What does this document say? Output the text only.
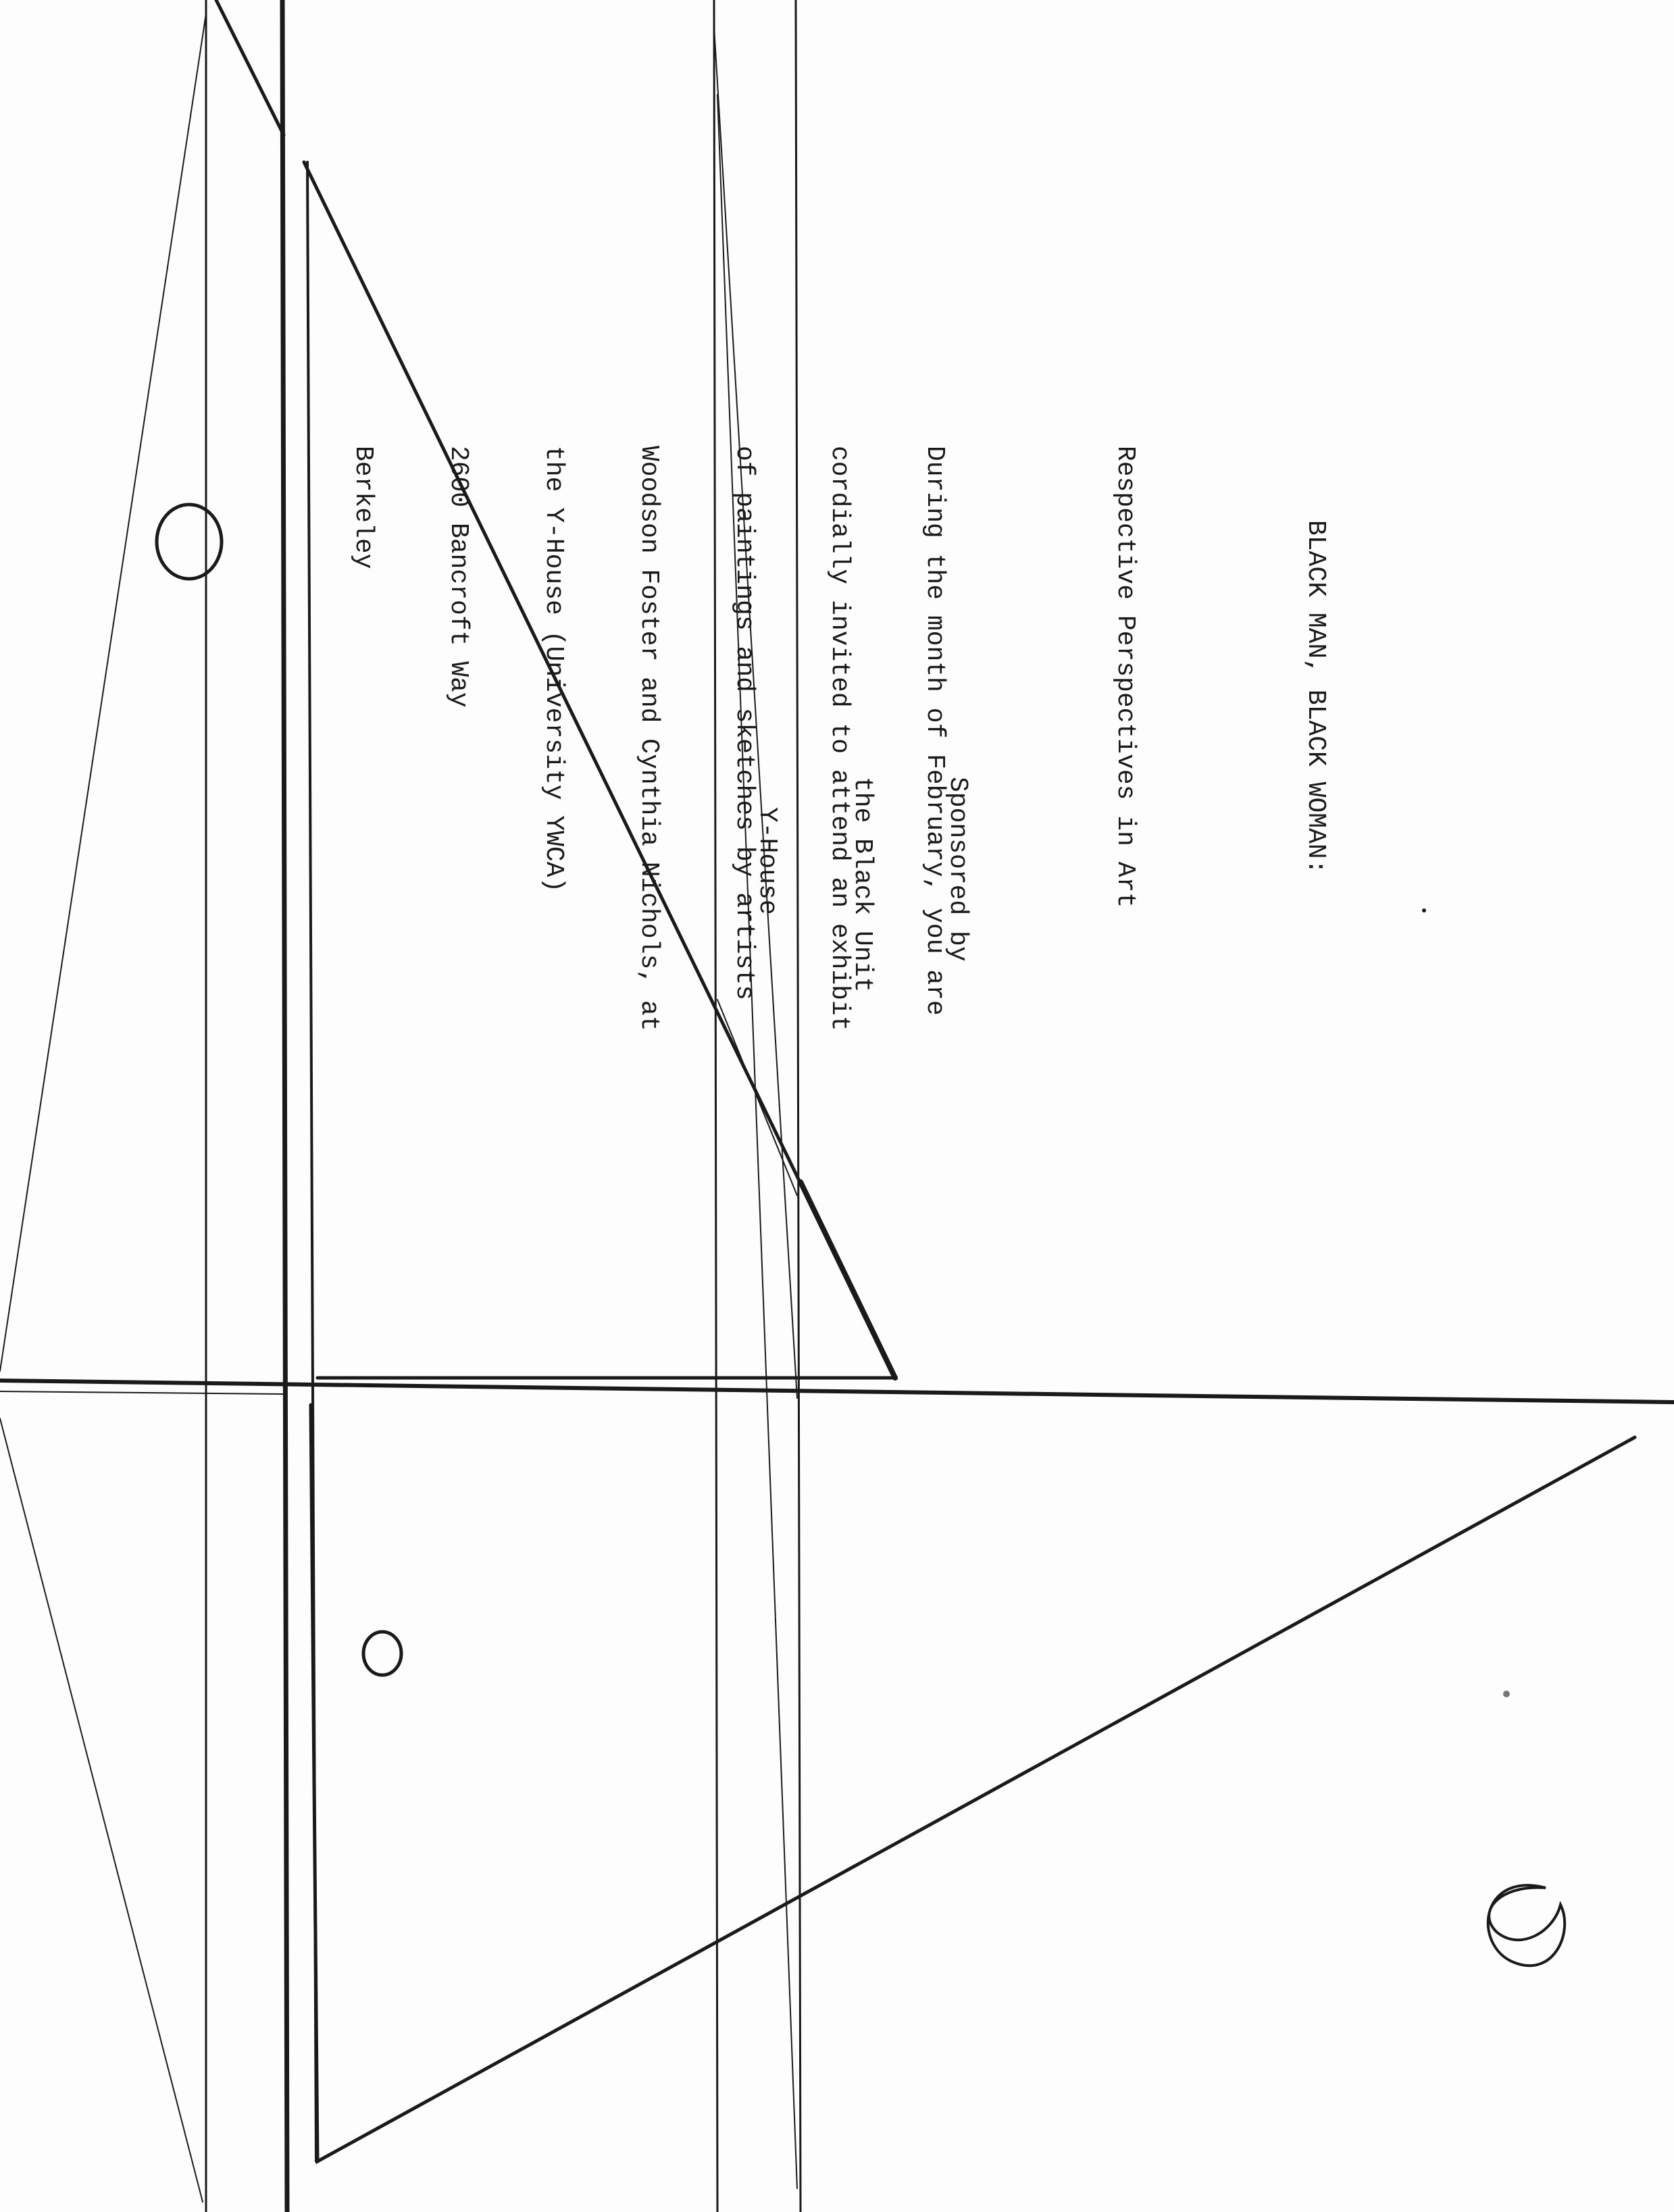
BLACK MAN, BLACK WOMAN:

Respective Perspectives in Art

During the month of February, you are

cordially invited to attend an exhibit

of paintings and sketches by artists

Woodson Foster and Cynthia Nichols, at

the Y-House (University YWCA)

2600 Bancroft Way

Berkeley

Sponsored by

the Black Unit

Y-House
